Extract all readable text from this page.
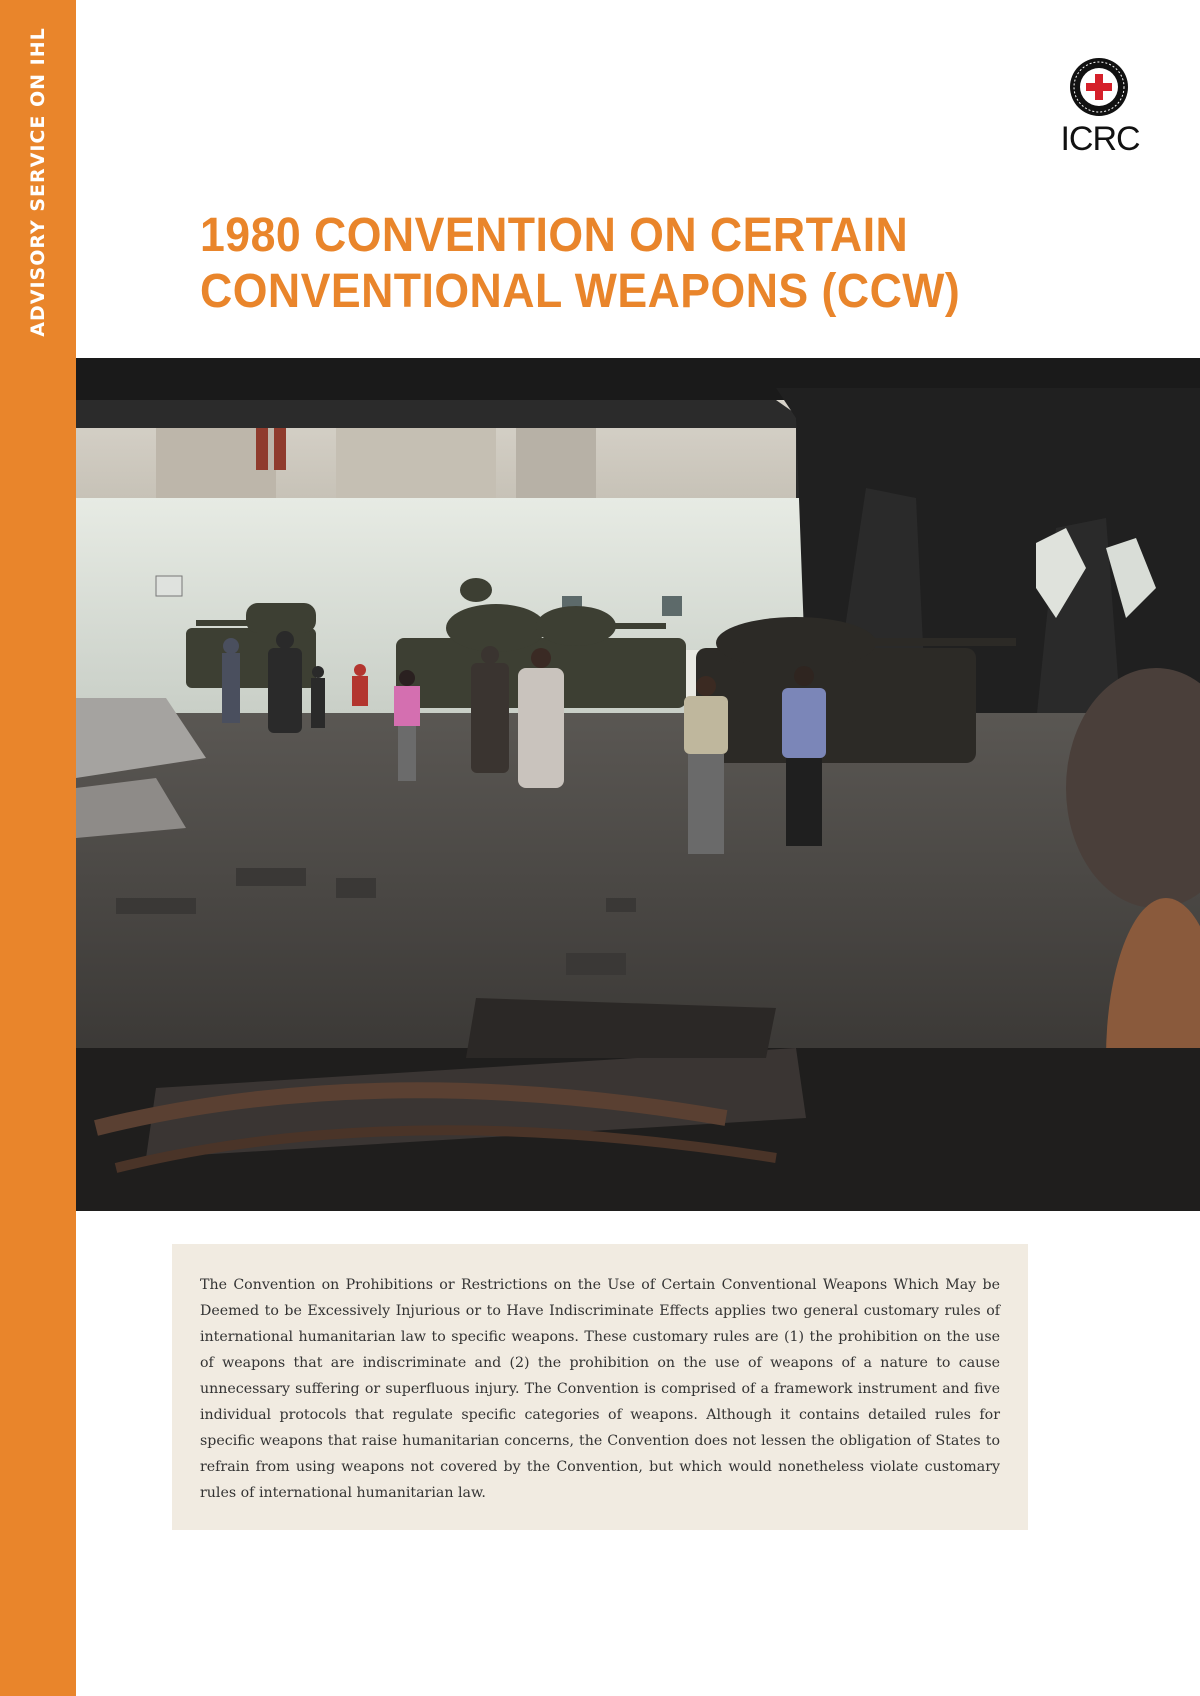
ADVISORY SERVICE ON IHL	ICRC
1980 CONVENTION ON CERTAIN
CONVENTIONAL WEAPONS (CCW)

The Convention on Prohibitions or Restrictions on the Use of Certain Conventional Weapons Which May be Deemed to be Excessively Injurious or to Have Indiscriminate Effects applies two general customary rules of international humanitarian law to specific weapons. These customary rules are (1) the prohibition on the use of weapons that are indiscriminate and (2) the prohibition on the use of weapons of a nature to cause unnecessary suffering or superfluous injury. The Convention is comprised of a framework instrument and five individual protocols that regulate specific categories of weapons. Although it contains detailed rules for specific weapons that raise humanitarian concerns, the Convention does not lessen the obligation of States to refrain from using weapons not covered by the Convention, but which would nonetheless violate customary rules of international humanitarian law.
